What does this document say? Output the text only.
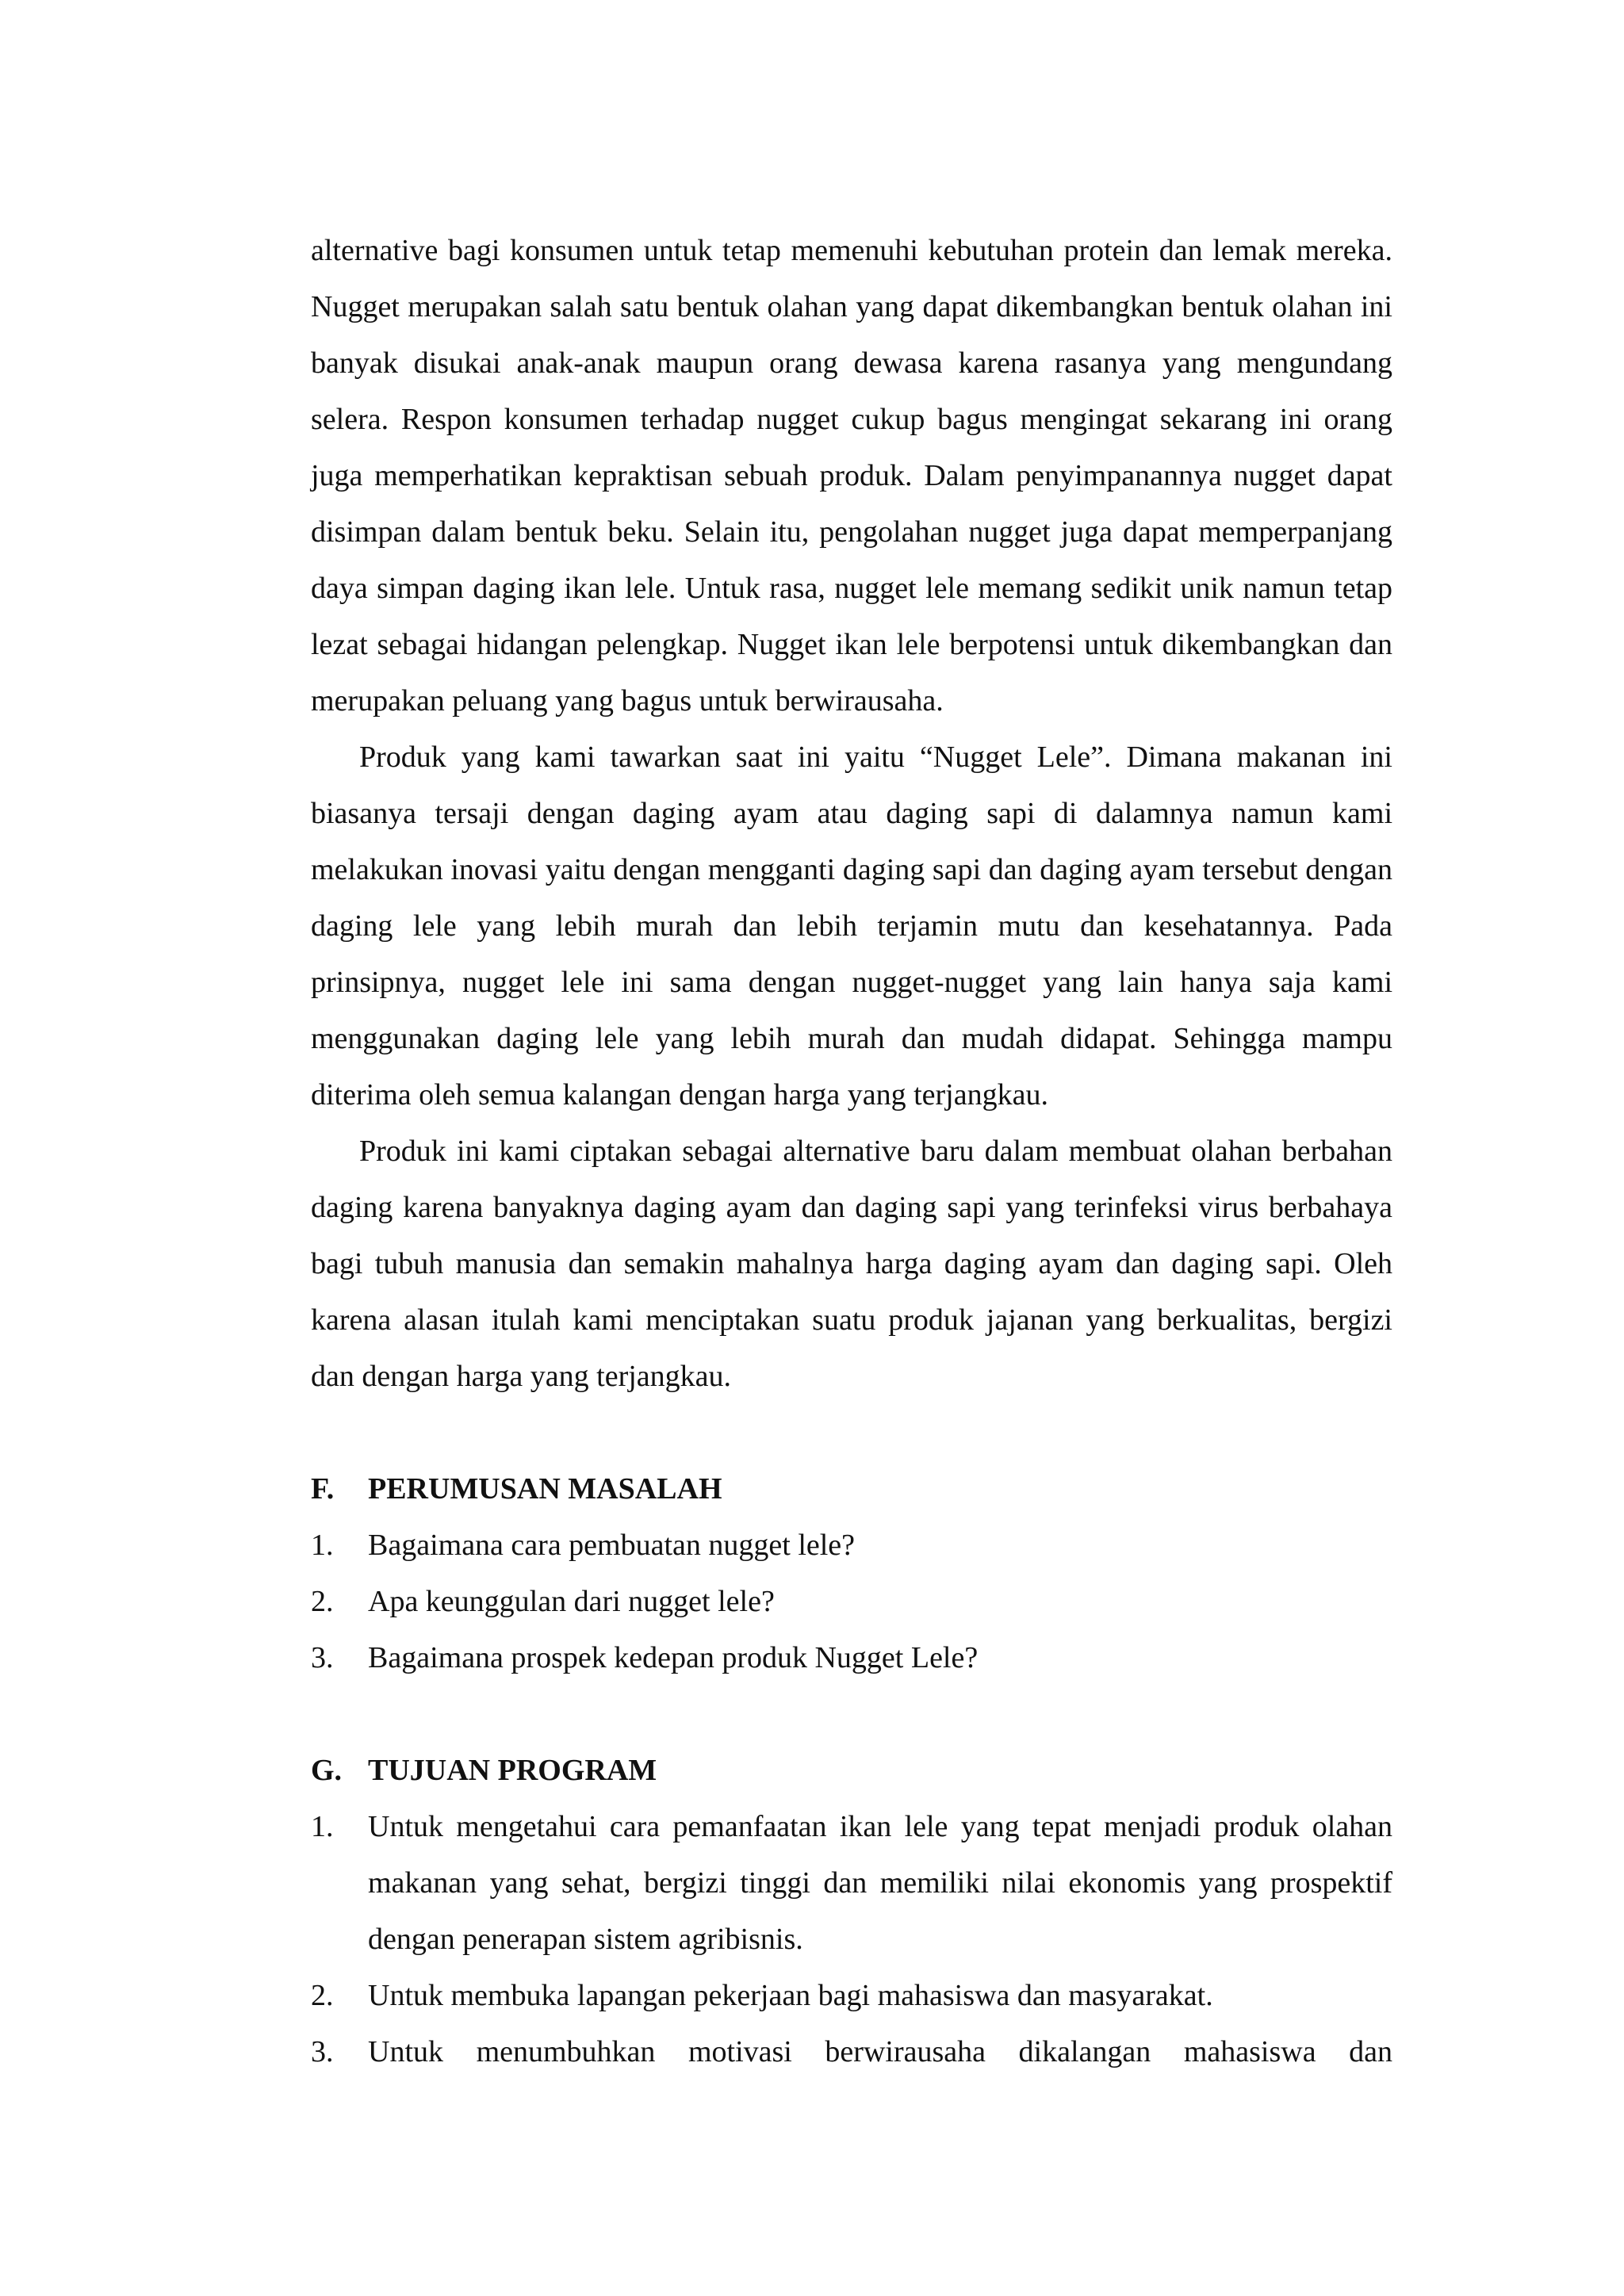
alternative bagi konsumen untuk tetap memenuhi kebutuhan protein dan lemak mereka. Nugget merupakan salah satu bentuk olahan yang dapat dikembangkan bentuk olahan ini banyak disukai anak-anak maupun orang dewasa karena rasanya yang mengundang selera. Respon konsumen terhadap nugget cukup bagus mengingat sekarang ini orang juga memperhatikan kepraktisan sebuah produk. Dalam penyimpanannya nugget dapat disimpan dalam bentuk beku. Selain itu, pengolahan nugget juga dapat memperpanjang daya simpan daging ikan lele. Untuk rasa, nugget lele memang sedikit unik namun tetap lezat sebagai hidangan pelengkap. Nugget ikan lele berpotensi untuk dikembangkan dan merupakan peluang yang bagus untuk berwirausaha.

Produk yang kami tawarkan saat ini yaitu “Nugget Lele”. Dimana makanan ini biasanya tersaji dengan daging ayam atau daging sapi di dalamnya namun kami melakukan inovasi yaitu dengan mengganti daging sapi dan daging ayam tersebut dengan daging lele yang lebih murah dan lebih terjamin mutu dan kesehatannya. Pada prinsipnya, nugget lele ini sama dengan nugget-nugget yang lain hanya saja kami menggunakan daging lele yang lebih murah dan mudah didapat. Sehingga mampu diterima oleh semua kalangan dengan harga yang terjangkau.

Produk ini kami ciptakan sebagai alternative baru dalam membuat olahan berbahan daging karena banyaknya daging ayam dan daging sapi yang terinfeksi virus berbahaya bagi tubuh manusia dan semakin mahalnya harga daging ayam dan daging sapi. Oleh karena alasan itulah kami menciptakan suatu produk jajanan yang berkualitas, bergizi dan dengan harga yang terjangkau.

F.	PERUMUSAN MASALAH
1.	Bagaimana cara pembuatan nugget lele?
2.	Apa keunggulan dari nugget lele?
3.	Bagaimana prospek kedepan produk Nugget Lele?
G. TUJUAN PROGRAM
1.	Untuk mengetahui cara pemanfaatan ikan lele yang tepat menjadi produk olahan makanan yang sehat, bergizi tinggi dan memiliki nilai ekonomis yang prospektif dengan penerapan sistem agribisnis.
2.	Untuk membuka lapangan pekerjaan bagi mahasiswa dan masyarakat.
3.	Untuk menumbuhkan motivasi berwirausaha dikalangan mahasiswa dan
